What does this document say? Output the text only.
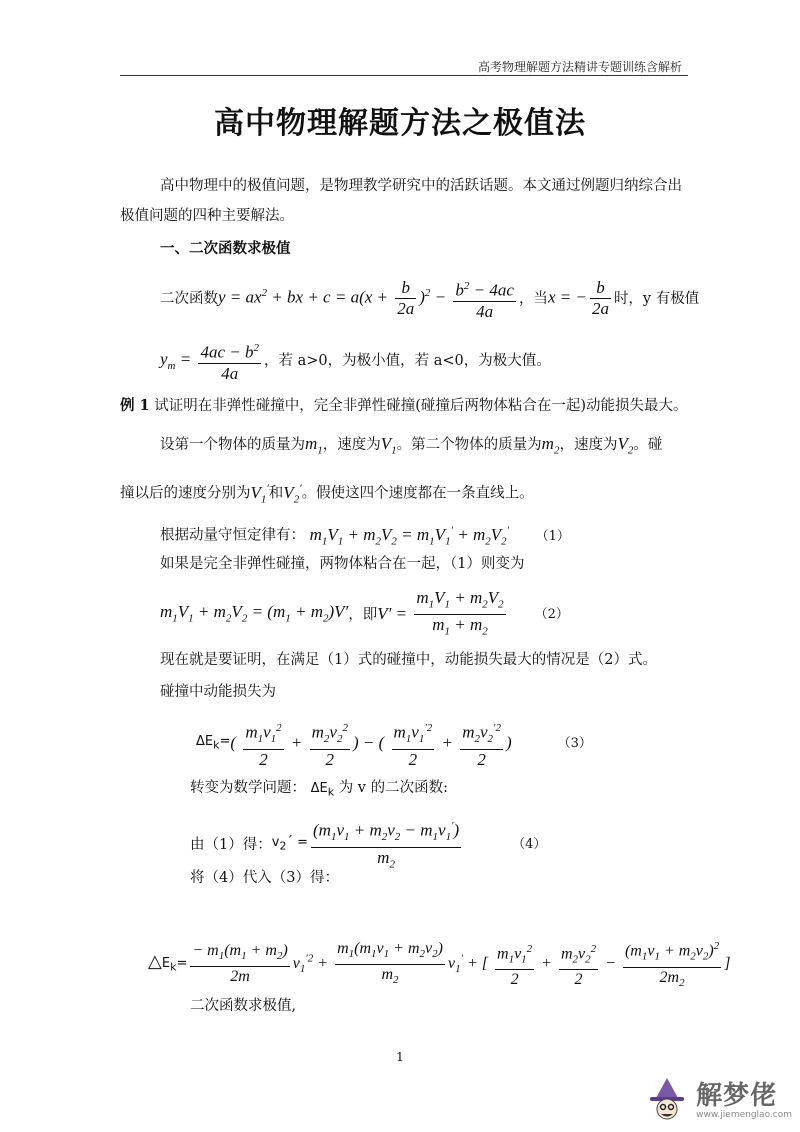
高考物理解题方法精讲专题训练含解析
高中物理解题方法之极值法
高中物理中的极值问题，是物理教学研究中的活跃话题。本文通过例题归纳综合出
极值问题的四种主要解法。
一、二次函数求极值
二次函数 $y = ax^2$ + bx + $c = a(x + \frac{b}{2a} )^2 - \frac{b^2 - 4ac}{4a}$ ，当 x = − $\frac{b}{2a}$ 时，y 有极值
$y_m = \frac{4ac - b^2}{4a}$ ，若 a>0，为极小值，若 a<0，为极大值。
例 1 试证明在非弹性碰撞中，完全非弹性碰撞(碰撞后两物体粘合在一起)动能损失最大。
设第一个物体的质量为$m_1$，速度为$V_1$。第二个物体的质量为$m_2$，速度为$V_2$。碰
撞以后的速度分别为$V_1'$和$V_2'$。假使这四个速度都在一条直线上。
根据动量守恒定律有： $m_1V_1 + m_2V_2 = m_1V_1' + m_2V_2'$ （1）
如果是完全非弹性碰撞，两物体粘合在一起，（1）则变为
$m_1V_1 + m_2V_2 = (m_1 + m_2)V'$ ，即 $V' = \frac{m_1V_1 + m_2V_2}{m_1 + m_2} (2)$
现在就是要证明，在满足（1）式的碰撞中，动能损失最大的情况是（2）式。
碰撞中动能损失为
$\Delta E_k=$ ( $\frac{m_1v_1^2}{2} + \frac{m_2v_2^2}{2}$ ) − ( $\frac{m_1v_1^{'2}}{2} + \frac{m_2v_2^{'2}}{2}$ )	（3）
转变为数学问题： $\Delta E_k$ 为 v 的二次函数:
由（1）得： $v_2´ = \frac{(m_1v_1 + m_2v_2 - m_1v_1')}{m_2}$	（4）
将（4）代入（3）得：
$\triangle E_k= \frac{- m_1(m_1 + m_2)}{2m} v_1^{'2} + \frac{m_1(m_1v_1 + m_2v_2)}{m_2} v_1'$ + [ $\frac{m_1v_1^2}{2} + \frac{m_2v_2^2}{2} - \frac{(m_1v_1 + m_2v_2)^2}{2m_2}$ ]
二次函数求极值,
1
解梦佬
www.jiemenglao.com
